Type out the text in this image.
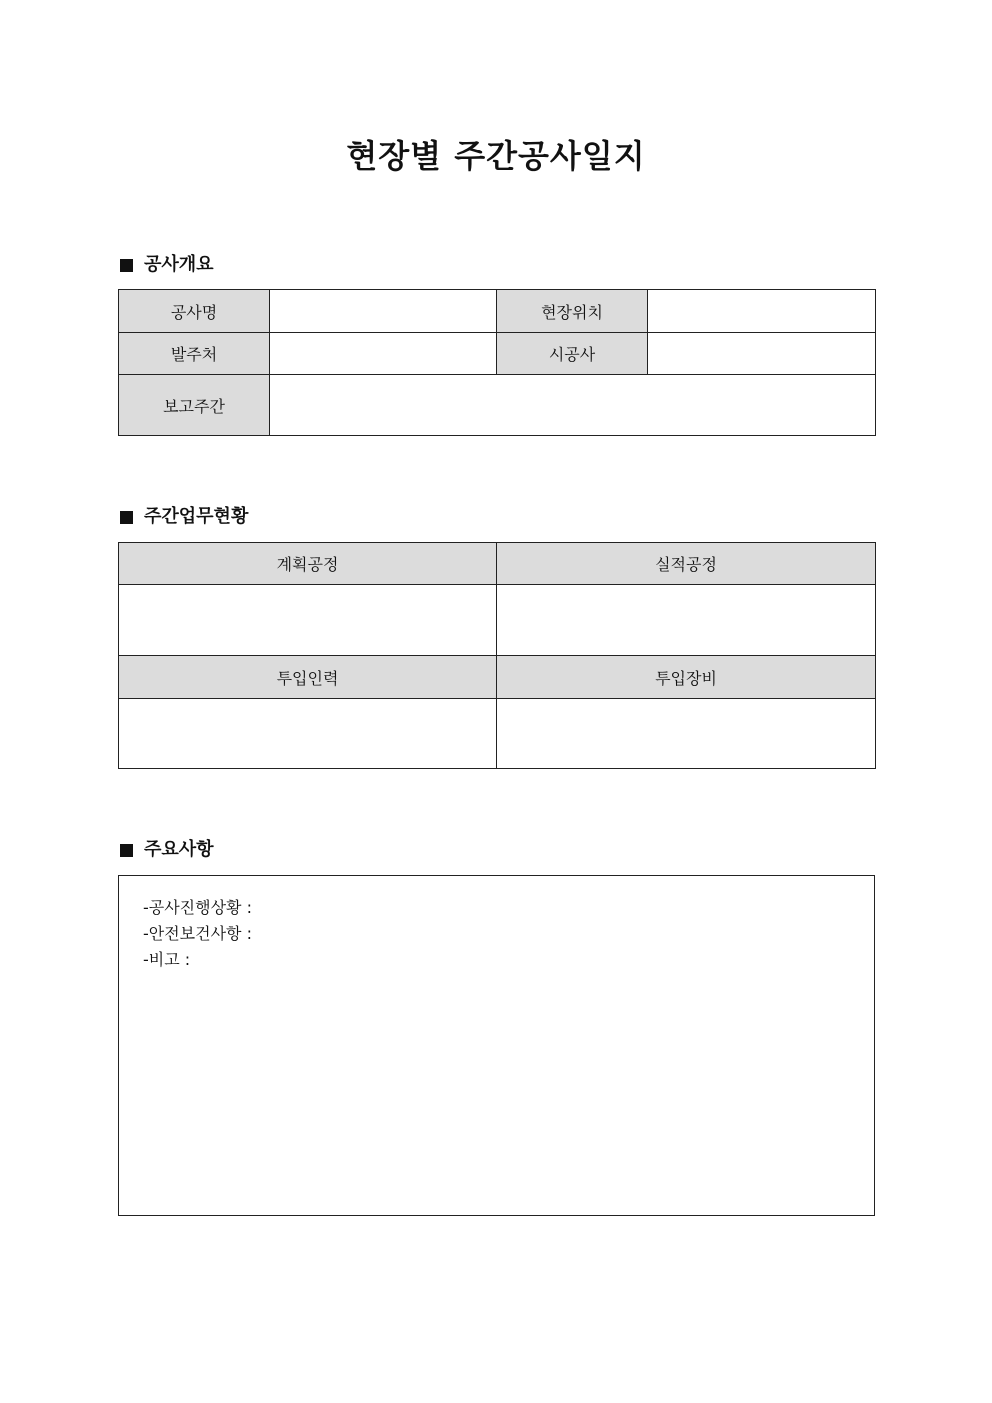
현장별 주간공사일지
공사개요
공사명		현장위치	
발주처		시공사	
보고주간			
주간업무현황
계획공정	실적공정

투입인력	투입장비

주요사항
-공사진행상황 :
-안전보건사항 :
-비고 :
